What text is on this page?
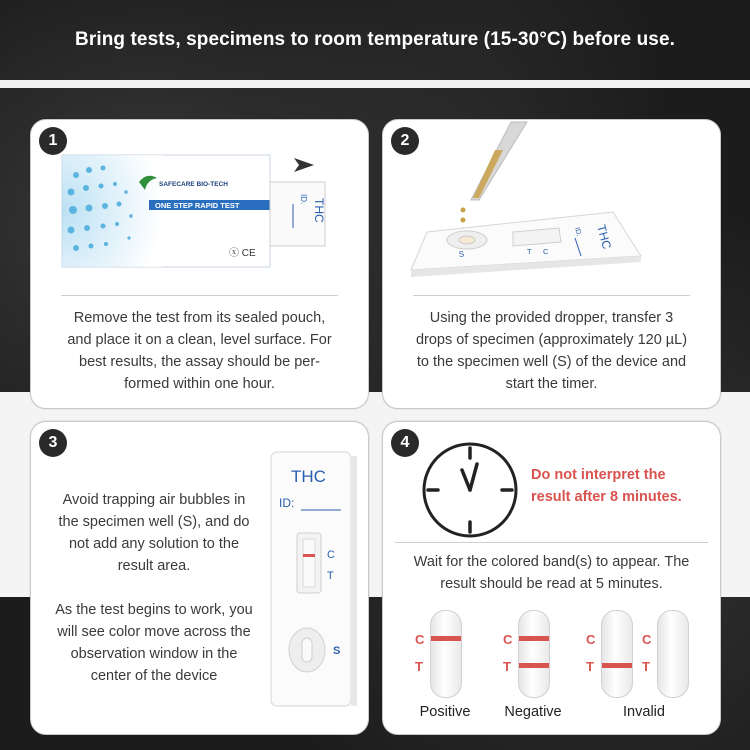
Bring tests, specimens to room temperature (15-30°C) before use.
1
ONE STEP RAPID TEST
SAFECARE BIO-TECH
ⓧ CE
ID. THC
Remove the test from its sealed pouch,
and place it on a clean, level surface. For
best results, the assay should be per-
formed within one hour.
2
S	C
T
ID. THC
Using the provided dropper, transfer 3
drops of specimen (approximately 120 µL)
to the specimen well (S) of the device and
start the timer.
3
Avoid trapping air bubbles in
the specimen well (S), and do
not add any solution to the
result area.
As the test begins to work, you
will see color move across the
observation window in the
center of the device
THC
ID:
C
T
S
4
Do not interpret the
result after 8 minutes.
Wait for the colored band(s) to appear. The
result should be read at 5 minutes.
C
T
Positive
C
T
Negative
C
T
C
T
Invalid
